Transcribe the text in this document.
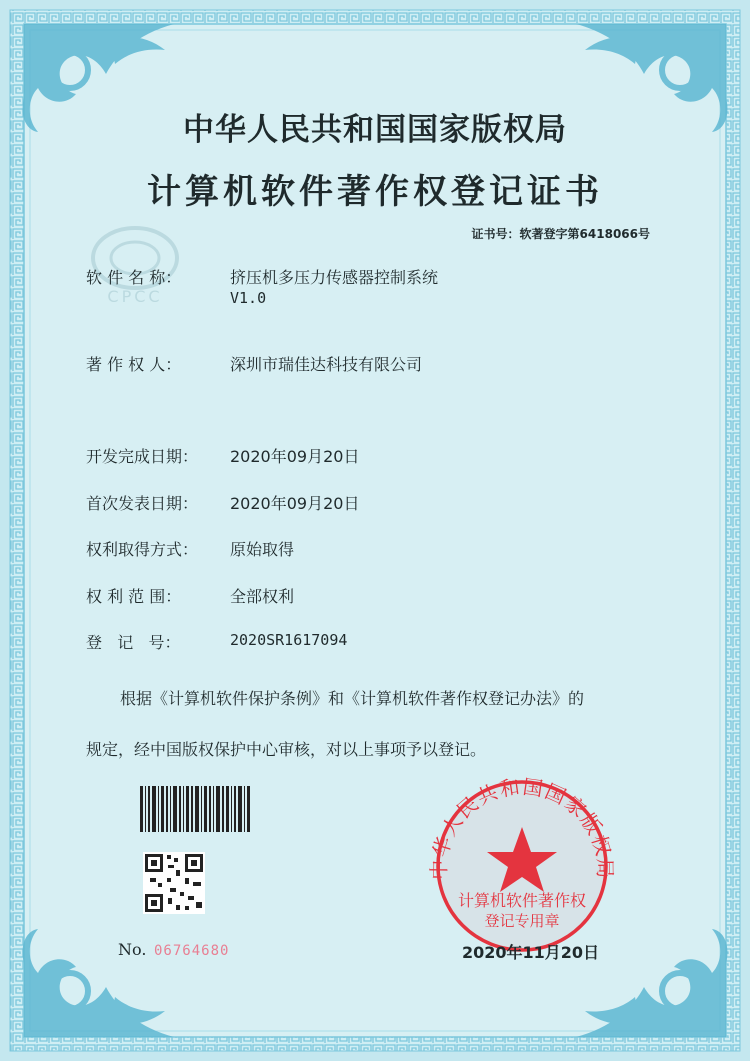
CPCC
中华人民共和国国家版权局
计算机软件著作权
登记专用章
中华人民共和国国家版权局
计算机软件著作权登记证书
证书号：软著登字第6418066号
软 件 名 称：	挤压机多压力传感器控制系统
V1.0
著 作 权 人：	深圳市瑞佳达科技有限公司
开发完成日期： 2020年09月20日
首次发表日期： 2020年09月20日
权利取得方式： 原始取得
权 利 范 围：	全部权利
登   记   号：	2020SR1617094
根据《计算机软件保护条例》和《计算机软件著作权登记办法》的
规定，经中国版权保护中心审核，对以上事项予以登记。
No. 06764680	2020年11月20日
